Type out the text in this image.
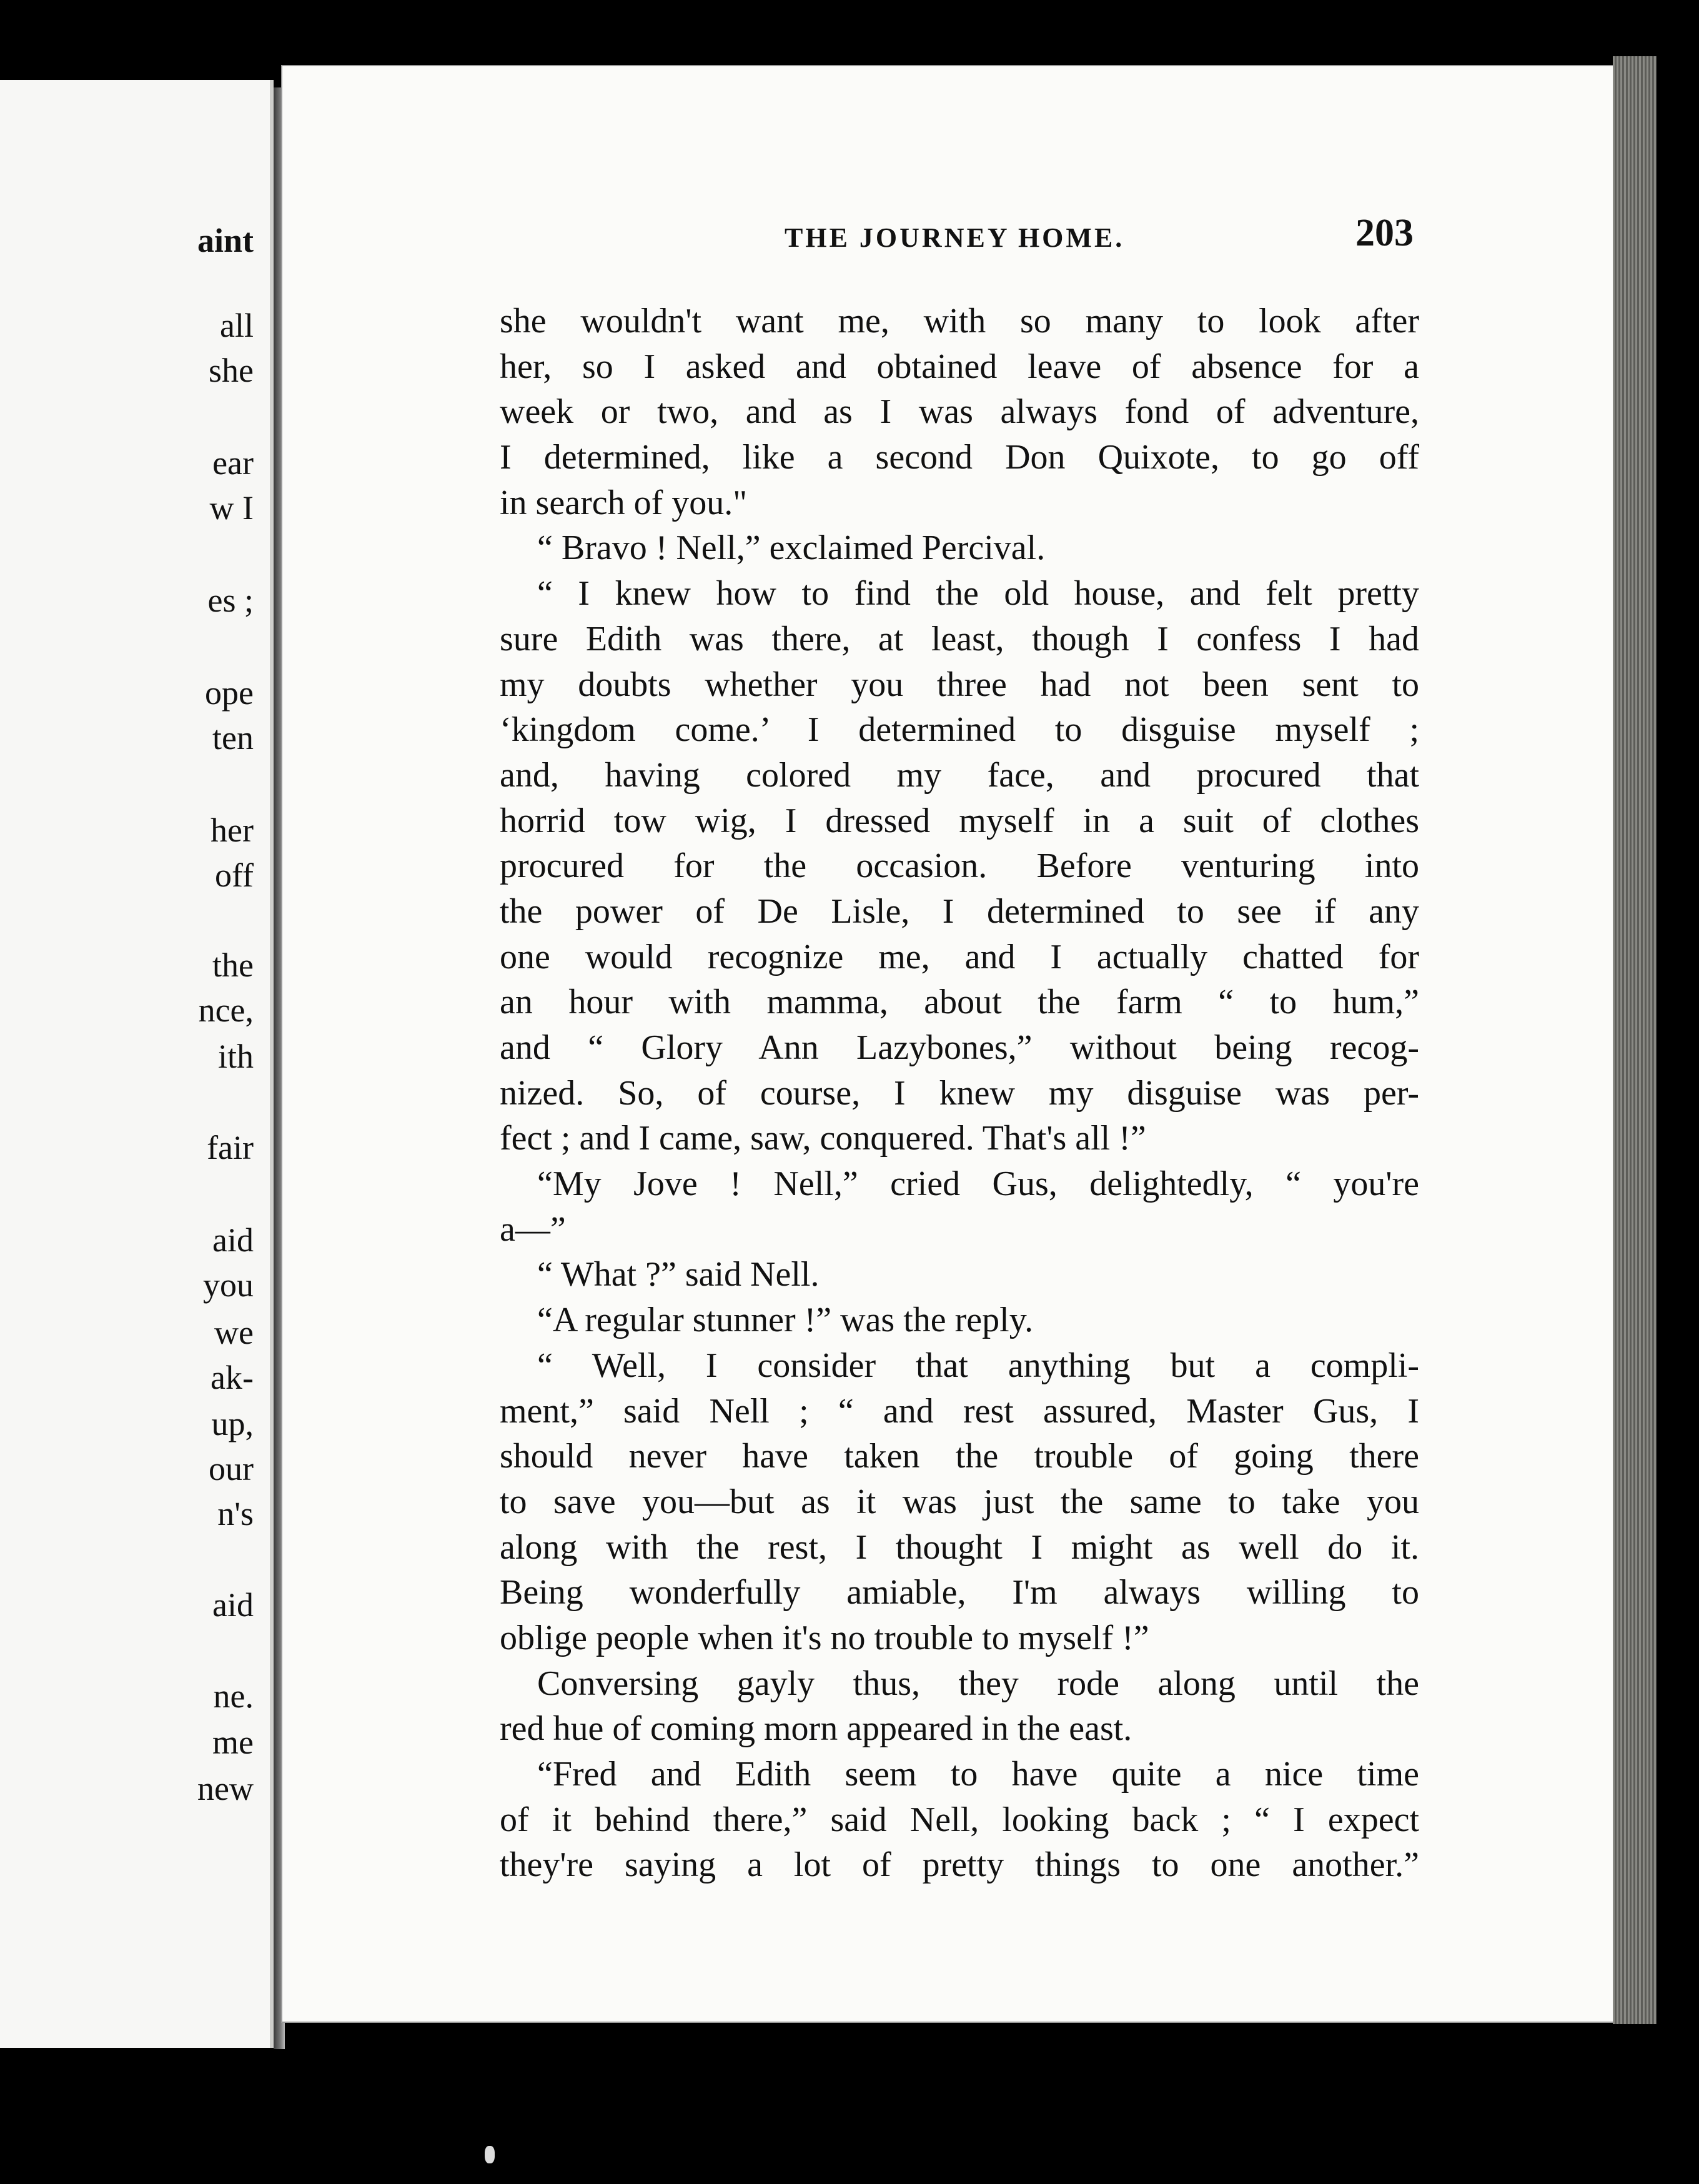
aint
all
she
ear
w I
es ;
ope
ten
her
off
the
nce,
ith
fair
aid
you
we
ak-
up,
our
n's
aid
ne.
me
new
THE JOURNEY HOME.	203
she wouldn't want me, with so many to look after
her, so I asked and obtained leave of absence for a
week or two, and as I was always fond of adventure,
I determined, like a second Don Quixote, to go off
in search of you."
“ Bravo ! Nell,” exclaimed Percival.
“ I knew how to find the old house, and felt pretty
sure Edith was there, at least, though I confess I had
my doubts whether you three had not been sent to
‘kingdom come.’ I determined to disguise myself ;
and, having colored my face, and procured that
horrid tow wig, I dressed myself in a suit of clothes
procured for the occasion. Before venturing into
the power of De Lisle, I determined to see if any
one would recognize me, and I actually chatted for
an hour with mamma, about the farm “ to hum,”
and “ Glory Ann Lazybones,” without being recog-
nized. So, of course, I knew my disguise was per-
fect ; and I came, saw, conquered. That's all !”
“My Jove ! Nell,” cried Gus, delightedly, “ you're
a—”
“ What ?” said Nell.
“A regular stunner !” was the reply.
“ Well, I consider that anything but a compli-
ment,” said Nell ; “ and rest assured, Master Gus, I
should never have taken the trouble of going there
to save you—but as it was just the same to take you
along with the rest, I thought I might as well do it.
Being wonderfully amiable, I'm always willing to
oblige people when it's no trouble to myself !”
Conversing gayly thus, they rode along until the
red hue of coming morn appeared in the east.
“Fred and Edith seem to have quite a nice time
of it behind there,” said Nell, looking back ; “ I expect
they're saying a lot of pretty things to one another.”
